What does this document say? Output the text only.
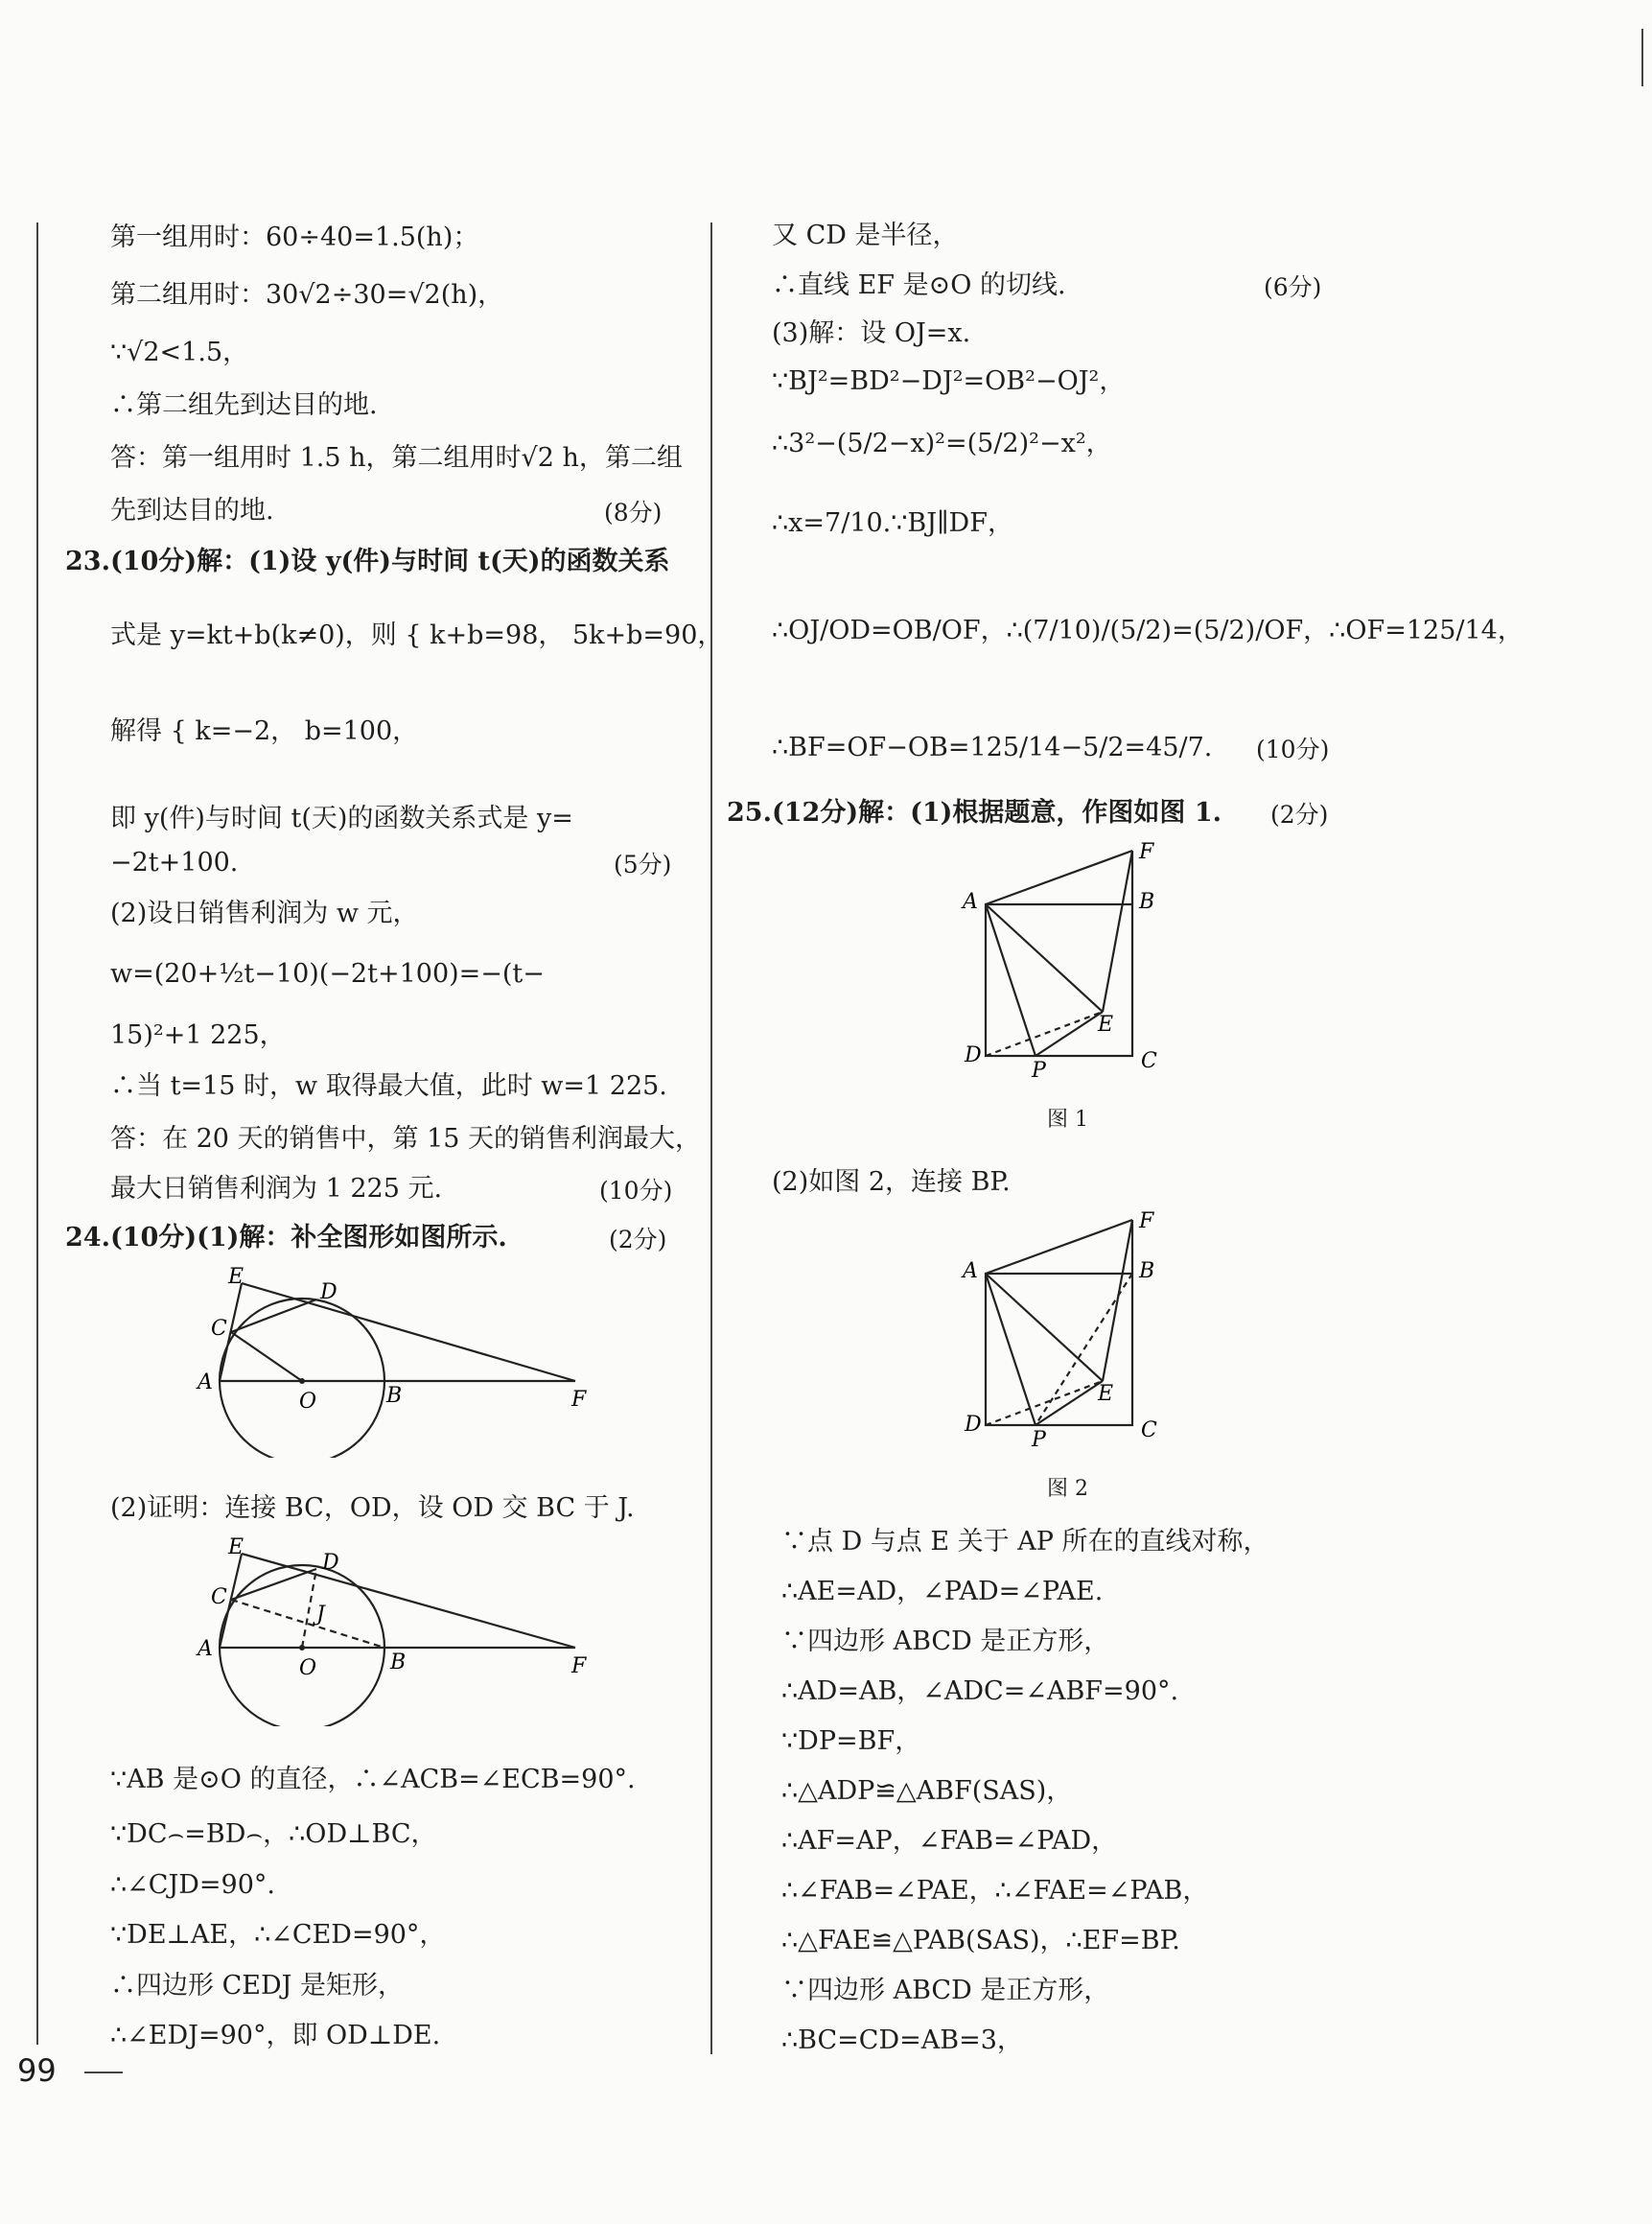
第一组用时：60÷40=1.5(h)；
第二组用时：30√2÷30=√2(h)，
∵√2<1.5，
∴第二组先到达目的地.
答：第一组用时 1.5 h，第二组用时√2 h，第二组
先到达目的地.	(8分)
23.(10分)解：(1)设 y(件)与时间 t(天)的函数关系
式是 y=kt+b(k≠0)，则 { k+b=98， 5k+b=90，
解得 { k=−2， b=100，
即 y(件)与时间 t(天)的函数关系式是 y=
−2t+100.	(5分)
(2)设日销售利润为 w 元，
w=(20+½t−10)(−2t+100)=−(t−
15)²+1 225，
∴当 t=15 时，w 取得最大值，此时 w=1 225.
答：在 20 天的销售中，第 15 天的销售利润最大，
最大日销售利润为 1 225 元.	(10分)
24.(10分)(1)解：补全图形如图所示.	(2分)
E
D
C
A
O	B	F
(2)证明：连接 BC，OD，设 OD 交 BC 于 J.
E
D
C
A
O	B	F
J
∵AB 是⊙O 的直径，∴∠ACB=∠ECB=90°.
∵DC⌢=BD⌢，∴OD⊥BC，
∴∠CJD=90°.
∵DE⊥AE，∴∠CED=90°，
∴四边形 CEDJ 是矩形，
∴∠EDJ=90°，即 OD⊥DE.
99
又 CD 是半径，
∴直线 EF 是⊙O 的切线.	(6分)
(3)解：设 OJ=x.
∵BJ²=BD²−DJ²=OB²−OJ²，
∴3²−(5/2−x)²=(5/2)²−x²，
∴x=7/10.∵BJ∥DF，
∴OJ/OD=OB/OF，∴(7/10)/(5/2)=(5/2)/OF，∴OF=125/14，
∴BF=OF−OB=125/14−5/2=45/7. (10分)
25.(12分)解：(1)根据题意，作图如图 1. (2分)
F
A	B
E
D
P	C
图 1
(2)如图 2，连接 BP.
F
A	B
E
D
P	C
图 2
∵点 D 与点 E 关于 AP 所在的直线对称，
∴AE=AD，∠PAD=∠PAE.
∵四边形 ABCD 是正方形，
∴AD=AB，∠ADC=∠ABF=90°.
∵DP=BF，
∴△ADP≌△ABF(SAS)，
∴AF=AP，∠FAB=∠PAD，
∴∠FAB=∠PAE，∴∠FAE=∠PAB，
∴△FAE≌△PAB(SAS)，∴EF=BP.
∵四边形 ABCD 是正方形，
∴BC=CD=AB=3，
